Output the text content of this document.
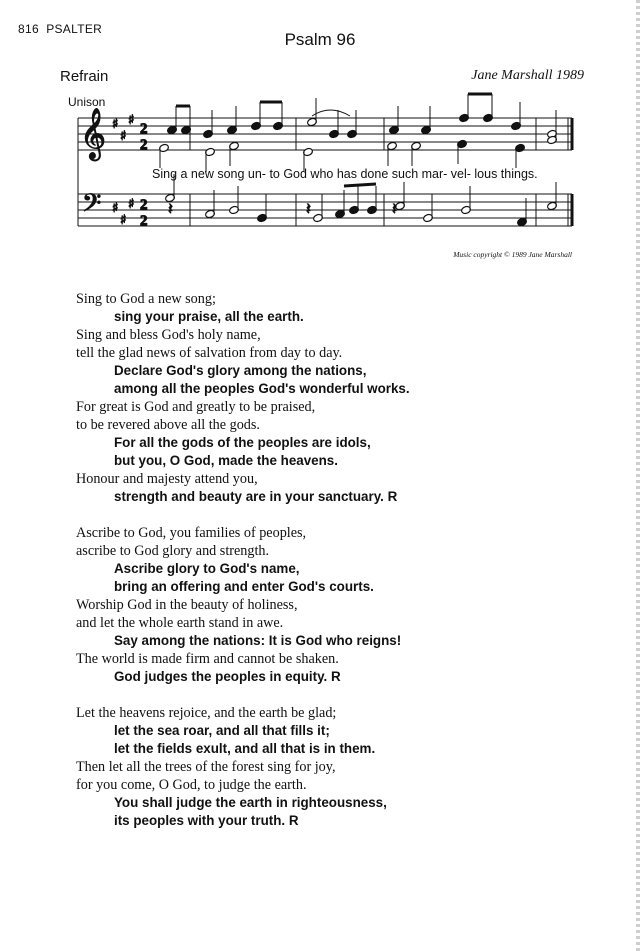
816 PSALTER
Psalm 96
Refrain	Jane Marshall 1989
Unison
𝄞
𝄢
♯
♯
♯
♯
♯
♯
2
2
2
2
𝄽	𝄽	𝄽
Sing a new song un- to God who has done such mar- vel- lous things.
Music copyright © 1989 Jane Marshall
Sing to God a new song;
sing your praise, all the earth.
Sing and bless God's holy name,
tell the glad news of salvation from day to day.
Declare God's glory among the nations,
among all the peoples God's wonderful works.
For great is God and greatly to be praised,
to be revered above all the gods.
For all the gods of the peoples are idols,
but you, O God, made the heavens.
Honour and majesty attend you,
strength and beauty are in your sanctuary. R
Ascribe to God, you families of peoples,
ascribe to God glory and strength.
Ascribe glory to God's name,
bring an offering and enter God's courts.
Worship God in the beauty of holiness,
and let the whole earth stand in awe.
Say among the nations: It is God who reigns!
The world is made firm and cannot be shaken.
God judges the peoples in equity. R
Let the heavens rejoice, and the earth be glad;
let the sea roar, and all that fills it;
let the fields exult, and all that is in them.
Then let all the trees of the forest sing for joy,
for you come, O God, to judge the earth.
You shall judge the earth in righteousness,
its peoples with your truth. R
